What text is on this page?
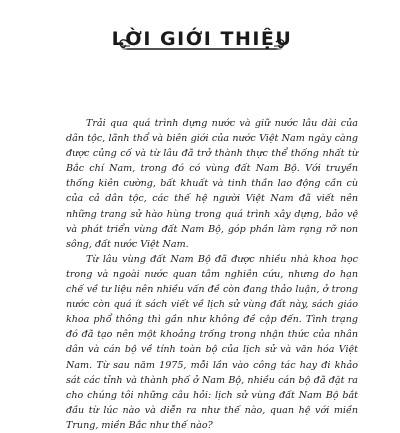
LỜI GIỚI THIỆU

Trải qua quá trình dựng nước và giữ nước lâu dài của dân tộc, lãnh thổ và biên giới của nước Việt Nam ngày càng được củng cố và từ lâu đã trở thành thực thể thống nhất từ Bắc chí Nam, trong đó có vùng đất Nam Bộ. Với truyền thống kiên cường, bất khuất và tinh thần lao động cần cù của cả dân tộc, các thế hệ người Việt Nam đã viết nên những trang sử hào hùng trong quá trình xây dựng, bảo vệ và phát triển vùng đất Nam Bộ, góp phần làm rạng rỡ non sông, đất nước Việt Nam.

Từ lâu vùng đất Nam Bộ đã được nhiều nhà khoa học trong và ngoài nước quan tâm nghiên cứu, nhưng do hạn chế về tư liệu nên nhiều vấn đề còn đang thảo luận, ở trong nước còn quá ít sách viết về lịch sử vùng đất này, sách giáo khoa phổ thông thì gần như không đề cập đến. Tình trạng đó đã tạo nên một khoảng trống trong nhận thức của nhân dân và cán bộ về tính toàn bộ của lịch sử và văn hóa Việt Nam. Từ sau năm 1975, mỗi lần vào công tác hay đi khảo sát các tỉnh và thành phố ở Nam Bộ, nhiều cán bộ đã đặt ra cho chúng tôi những câu hỏi: lịch sử vùng đất Nam Bộ bắt đầu từ lúc nào và diễn ra như thế nào, quan hệ với miền Trung, miền Bắc như thế nào?
